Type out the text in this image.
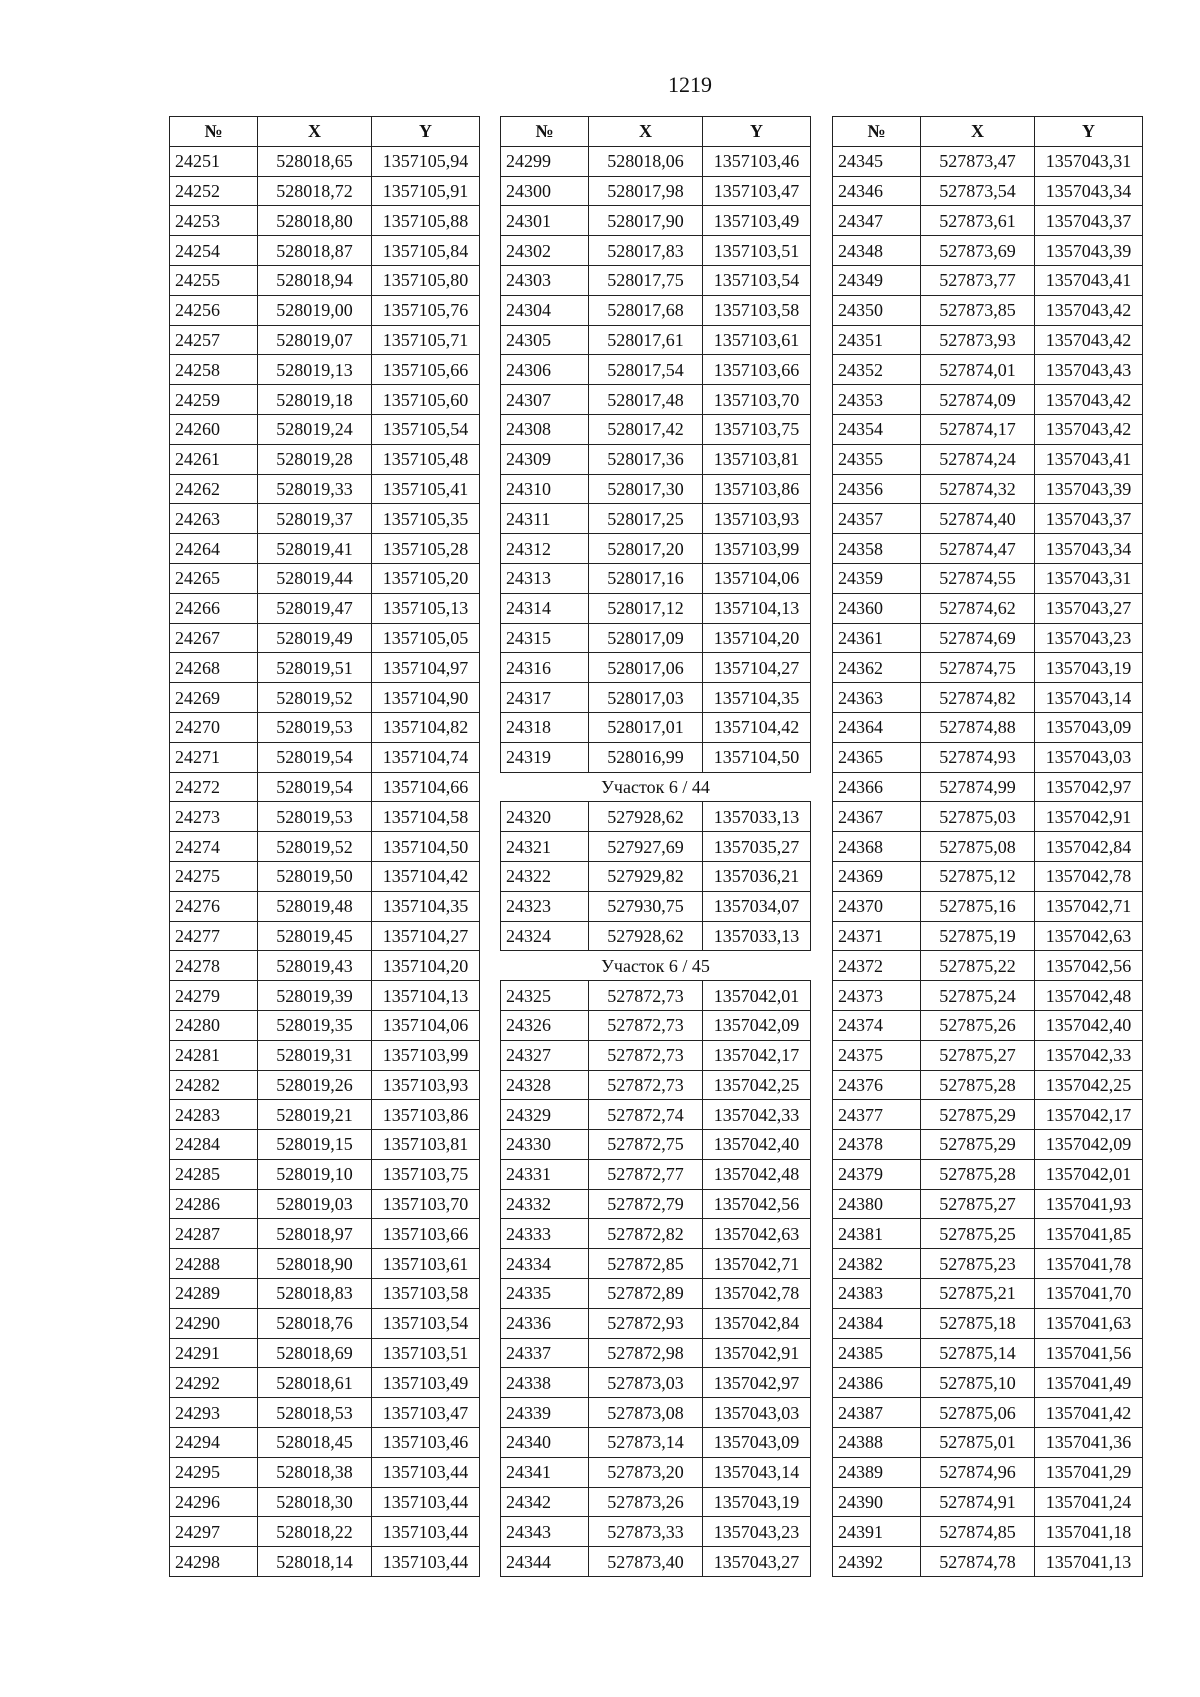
1219
№	X	Y
24251	528018,65	1357105,94
24252	528018,72	1357105,91
24253	528018,80	1357105,88
24254	528018,87	1357105,84
24255	528018,94	1357105,80
24256	528019,00	1357105,76
24257	528019,07	1357105,71
24258	528019,13	1357105,66
24259	528019,18	1357105,60
24260	528019,24	1357105,54
24261	528019,28	1357105,48
24262	528019,33	1357105,41
24263	528019,37	1357105,35
24264	528019,41	1357105,28
24265	528019,44	1357105,20
24266	528019,47	1357105,13
24267	528019,49	1357105,05
24268	528019,51	1357104,97
24269	528019,52	1357104,90
24270	528019,53	1357104,82
24271	528019,54	1357104,74
24272	528019,54	1357104,66
24273	528019,53	1357104,58
24274	528019,52	1357104,50
24275	528019,50	1357104,42
24276	528019,48	1357104,35
24277	528019,45	1357104,27
24278	528019,43	1357104,20
24279	528019,39	1357104,13
24280	528019,35	1357104,06
24281	528019,31	1357103,99
24282	528019,26	1357103,93
24283	528019,21	1357103,86
24284	528019,15	1357103,81
24285	528019,10	1357103,75
24286	528019,03	1357103,70
24287	528018,97	1357103,66
24288	528018,90	1357103,61
24289	528018,83	1357103,58
24290	528018,76	1357103,54
24291	528018,69	1357103,51
24292	528018,61	1357103,49
24293	528018,53	1357103,47
24294	528018,45	1357103,46
24295	528018,38	1357103,44
24296	528018,30	1357103,44
24297	528018,22	1357103,44
24298	528018,14	1357103,44
№	X	Y
24299	528018,06	1357103,46
24300	528017,98	1357103,47
24301	528017,90	1357103,49
24302	528017,83	1357103,51
24303	528017,75	1357103,54
24304	528017,68	1357103,58
24305	528017,61	1357103,61
24306	528017,54	1357103,66
24307	528017,48	1357103,70
24308	528017,42	1357103,75
24309	528017,36	1357103,81
24310	528017,30	1357103,86
24311	528017,25	1357103,93
24312	528017,20	1357103,99
24313	528017,16	1357104,06
24314	528017,12	1357104,13
24315	528017,09	1357104,20
24316	528017,06	1357104,27
24317	528017,03	1357104,35
24318	528017,01	1357104,42
24319	528016,99	1357104,50
Участок 6 / 44		
24320	527928,62	1357033,13
24321	527927,69	1357035,27
24322	527929,82	1357036,21
24323	527930,75	1357034,07
24324	527928,62	1357033,13
Участок 6 / 45		
24325	527872,73	1357042,01
24326	527872,73	1357042,09
24327	527872,73	1357042,17
24328	527872,73	1357042,25
24329	527872,74	1357042,33
24330	527872,75	1357042,40
24331	527872,77	1357042,48
24332	527872,79	1357042,56
24333	527872,82	1357042,63
24334	527872,85	1357042,71
24335	527872,89	1357042,78
24336	527872,93	1357042,84
24337	527872,98	1357042,91
24338	527873,03	1357042,97
24339	527873,08	1357043,03
24340	527873,14	1357043,09
24341	527873,20	1357043,14
24342	527873,26	1357043,19
24343	527873,33	1357043,23
24344	527873,40	1357043,27
№	X	Y
24345	527873,47	1357043,31
24346	527873,54	1357043,34
24347	527873,61	1357043,37
24348	527873,69	1357043,39
24349	527873,77	1357043,41
24350	527873,85	1357043,42
24351	527873,93	1357043,42
24352	527874,01	1357043,43
24353	527874,09	1357043,42
24354	527874,17	1357043,42
24355	527874,24	1357043,41
24356	527874,32	1357043,39
24357	527874,40	1357043,37
24358	527874,47	1357043,34
24359	527874,55	1357043,31
24360	527874,62	1357043,27
24361	527874,69	1357043,23
24362	527874,75	1357043,19
24363	527874,82	1357043,14
24364	527874,88	1357043,09
24365	527874,93	1357043,03
24366	527874,99	1357042,97
24367	527875,03	1357042,91
24368	527875,08	1357042,84
24369	527875,12	1357042,78
24370	527875,16	1357042,71
24371	527875,19	1357042,63
24372	527875,22	1357042,56
24373	527875,24	1357042,48
24374	527875,26	1357042,40
24375	527875,27	1357042,33
24376	527875,28	1357042,25
24377	527875,29	1357042,17
24378	527875,29	1357042,09
24379	527875,28	1357042,01
24380	527875,27	1357041,93
24381	527875,25	1357041,85
24382	527875,23	1357041,78
24383	527875,21	1357041,70
24384	527875,18	1357041,63
24385	527875,14	1357041,56
24386	527875,10	1357041,49
24387	527875,06	1357041,42
24388	527875,01	1357041,36
24389	527874,96	1357041,29
24390	527874,91	1357041,24
24391	527874,85	1357041,18
24392	527874,78	1357041,13
